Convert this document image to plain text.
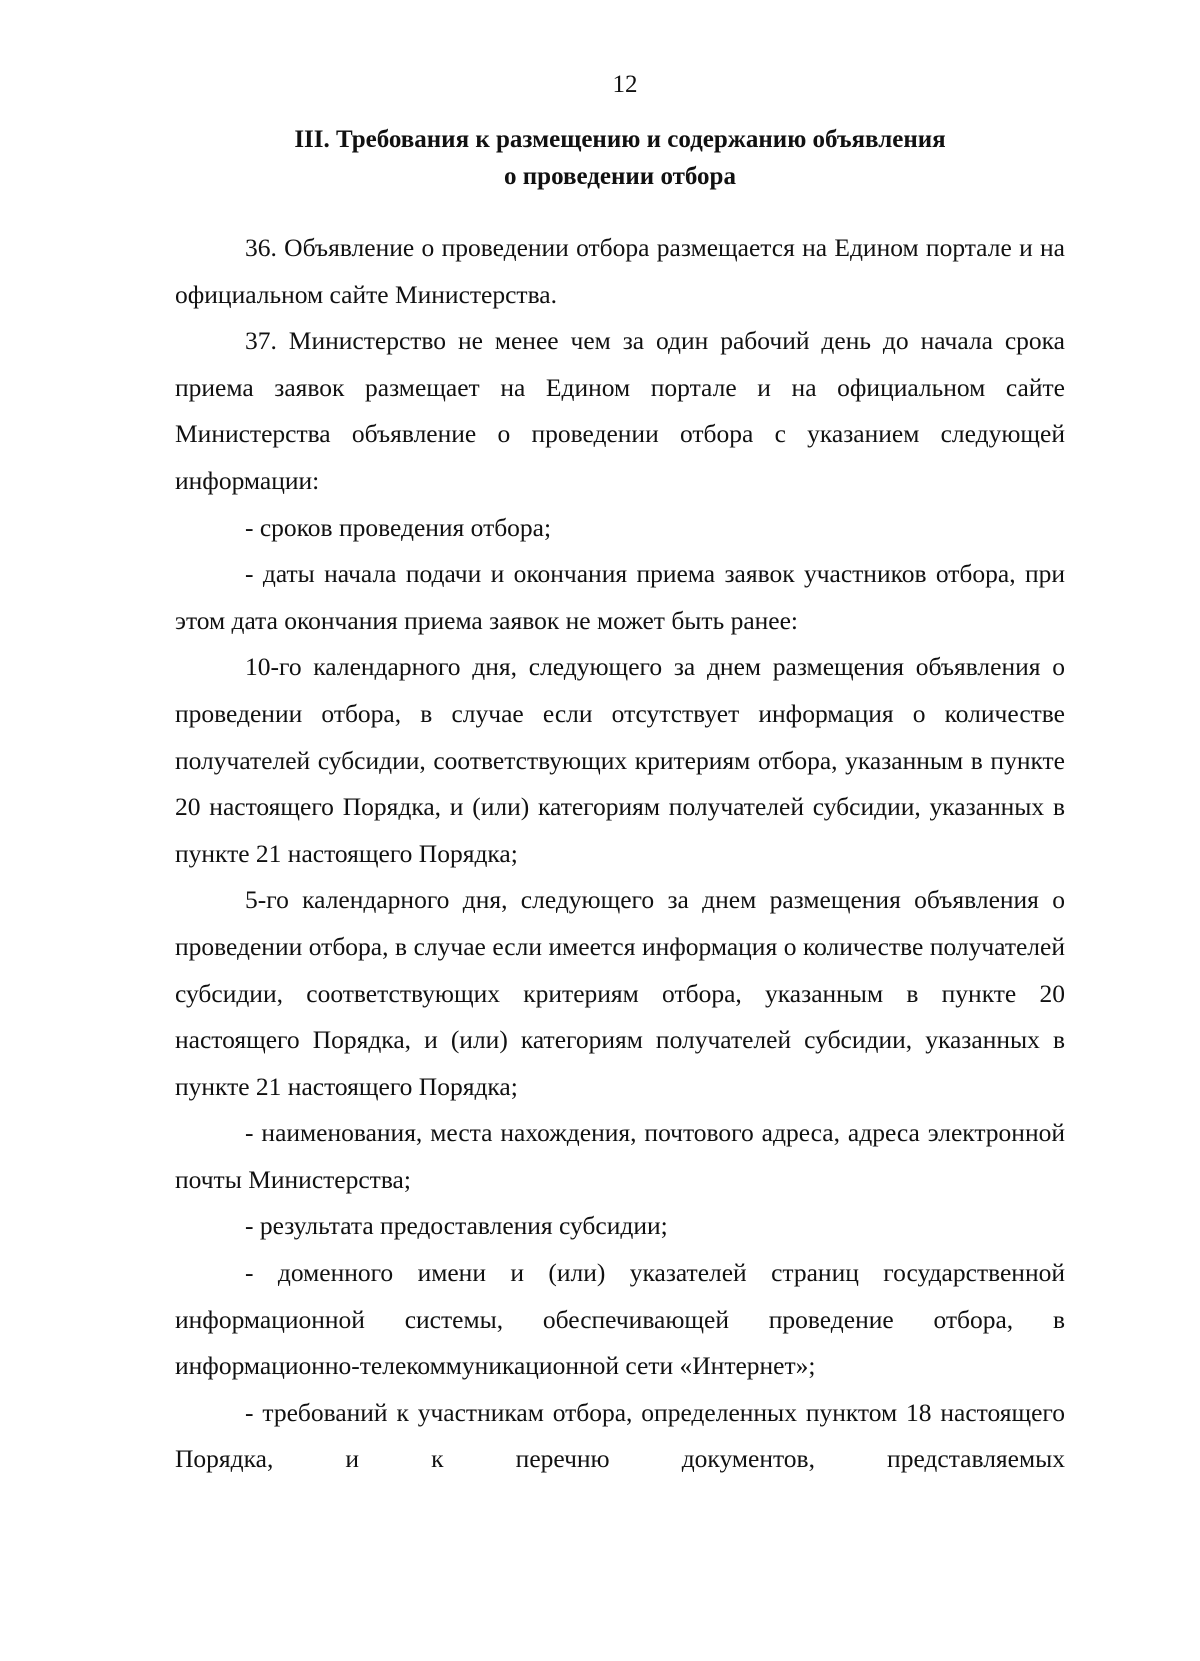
12
III. Требования к размещению и содержанию объявления
о проведении отбора

36. Объявление о проведении отбора размещается на Едином портале и на официальном сайте Министерства.

37. Министерство не менее чем за один рабочий день до начала срока приема заявок размещает на Едином портале и на официальном сайте Министерства объявление о проведении отбора с указанием следующей информации:

- сроков проведения отбора;

- даты начала подачи и окончания приема заявок участников отбора, при этом дата окончания приема заявок не может быть ранее:

10-го календарного дня, следующего за днем размещения объявления о проведении отбора, в случае если отсутствует информация о количестве получателей субсидии, соответствующих критериям отбора, указанным в пункте 20 настоящего Порядка, и (или) категориям получателей субсидии, указанных в пункте 21 настоящего Порядка;

5-го календарного дня, следующего за днем размещения объявления о проведении отбора, в случае если имеется информация о количестве получателей субсидии, соответствующих критериям отбора, указанным в пункте 20 настоящего Порядка, и (или) категориям получателей субсидии, указанных в пункте 21 настоящего Порядка;

- наименования, места нахождения, почтового адреса, адреса электронной почты Министерства;

- результата предоставления субсидии;

- доменного имени и (или) указателей страниц государственной информационной системы, обеспечивающей проведение отбора, в информационно-телекоммуникационной сети «Интернет»;

- требований к участникам отбора, определенных пунктом 18 настоящего Порядка, и к перечню документов, представляемых
